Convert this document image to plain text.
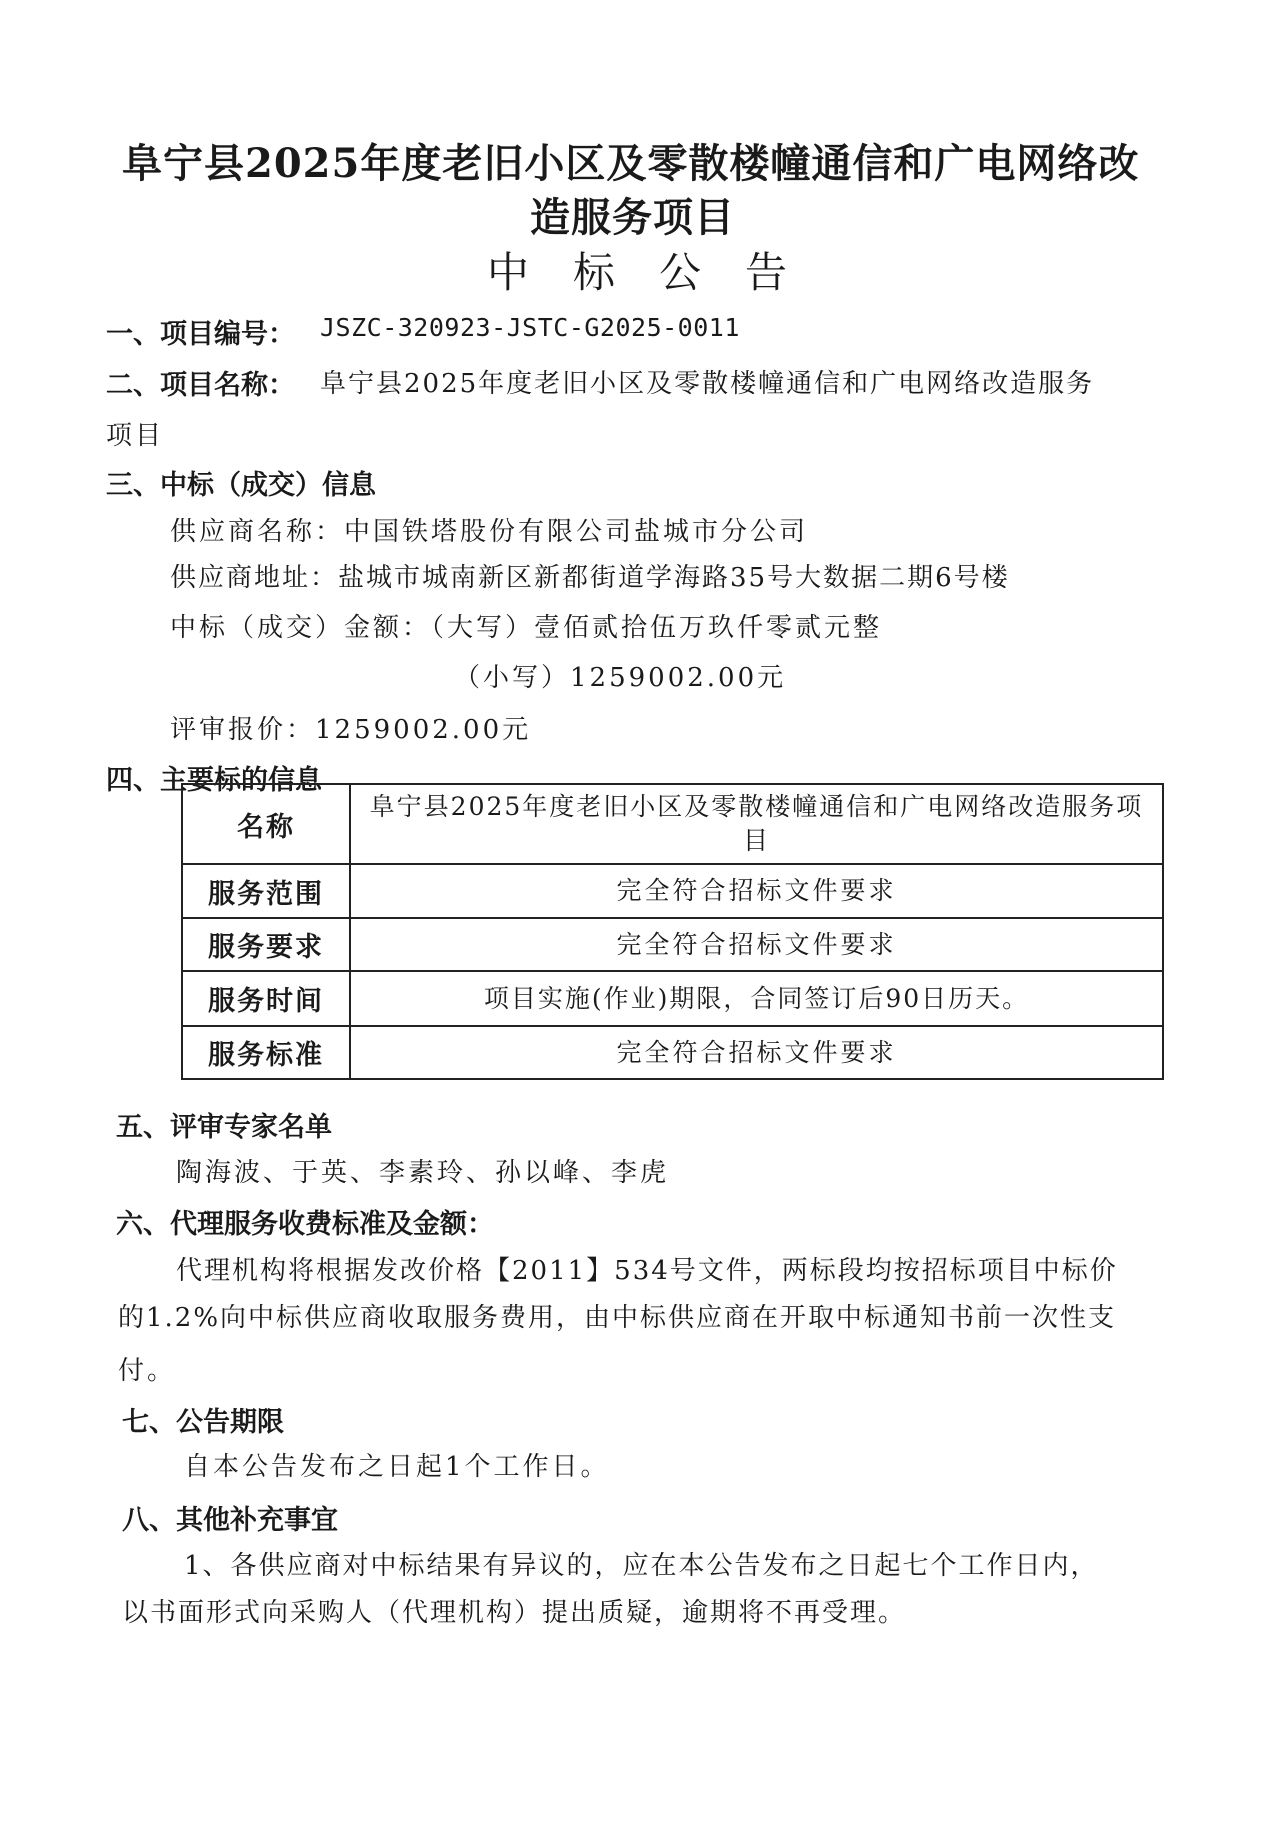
阜宁县2025年度老旧小区及零散楼幢通信和广电网络改
造服务项目
中标公告
一、项目编号： JSZC-320923-JSTC-G2025-0011
二、项目名称： 阜宁县2025年度老旧小区及零散楼幢通信和广电网络改造服务
项目
三、中标（成交）信息
供应商名称：中国铁塔股份有限公司盐城市分公司
供应商地址：盐城市城南新区新都街道学海路35号大数据二期6号楼
中标（成交）金额：（大写）壹佰贰拾伍万玖仟零贰元整
（小写）1259002.00元
评审报价：1259002.00元
四、主要标的信息
名称	阜宁县2025年度老旧小区及零散楼幢通信和广电网络改造服务项目
服务范围	完全符合招标文件要求
服务要求	完全符合招标文件要求
服务时间	项目实施(作业)期限，合同签订后90日历天。
服务标准	完全符合招标文件要求
五、评审专家名单
陶海波、于英、李素玲、孙以峰、李虎
六、代理服务收费标准及金额：
代理机构将根据发改价格【2011】534号文件，两标段均按招标项目中标价
的1.2%向中标供应商收取服务费用，由中标供应商在开取中标通知书前一次性支
付。
七、公告期限
自本公告发布之日起1个工作日。
八、其他补充事宜
1、各供应商对中标结果有异议的，应在本公告发布之日起七个工作日内，
以书面形式向采购人（代理机构）提出质疑，逾期将不再受理。
